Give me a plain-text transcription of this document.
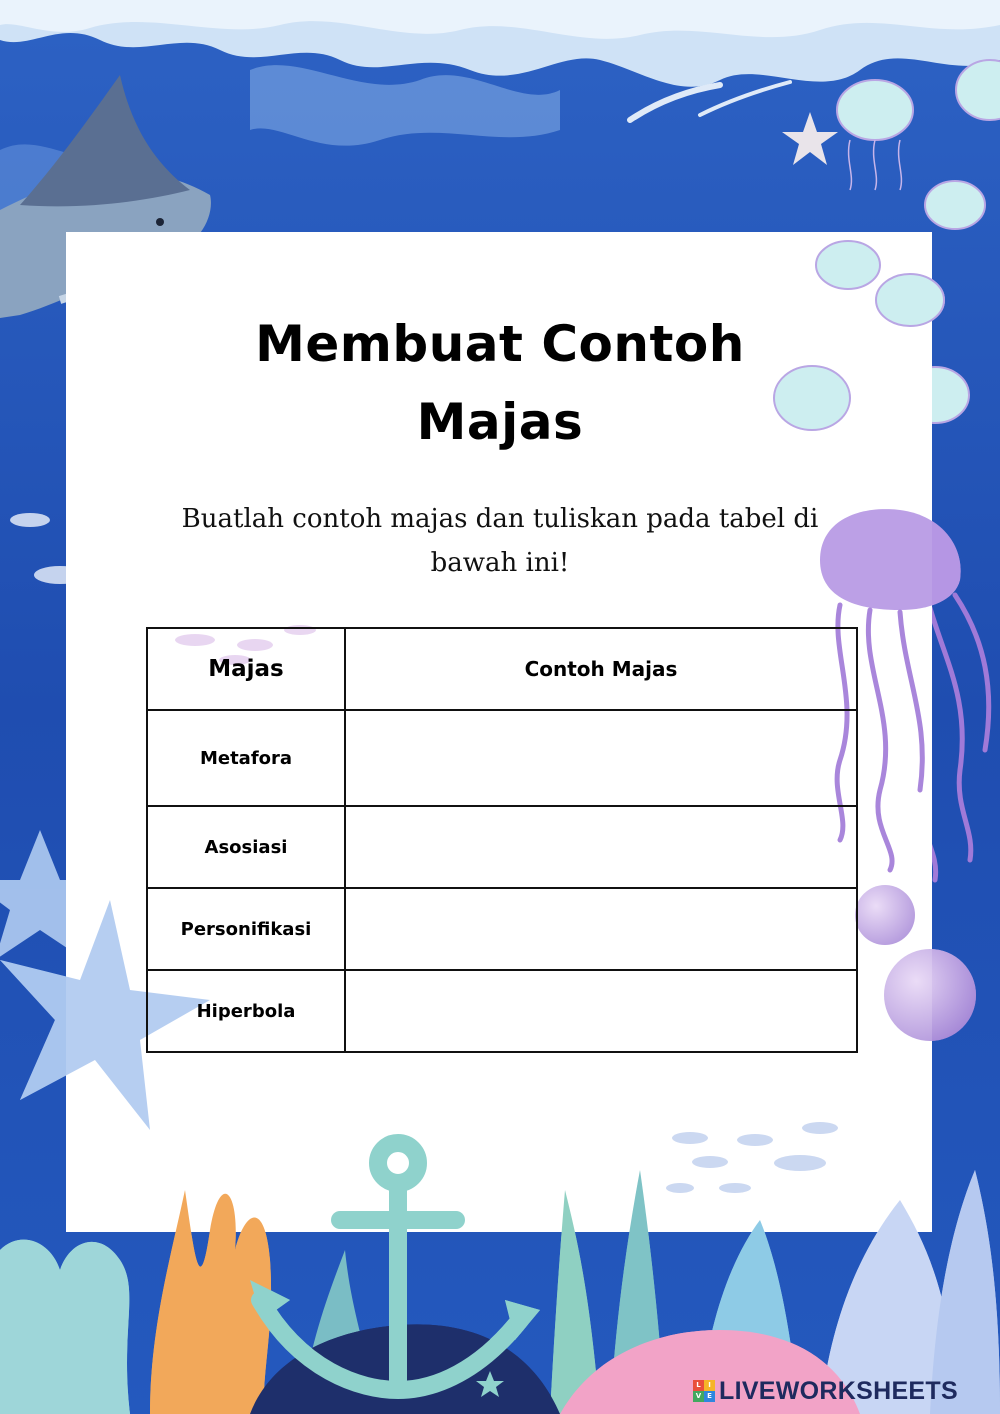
Membuat Contoh
Majas
Buatlah contoh majas dan tuliskan pada tabel di
bawah ini!
Majas	Contoh Majas
Metafora	
Asosiasi	
Personifikasi	
Hiperbola	
L	I
V E LIVEWORKSHEETS
